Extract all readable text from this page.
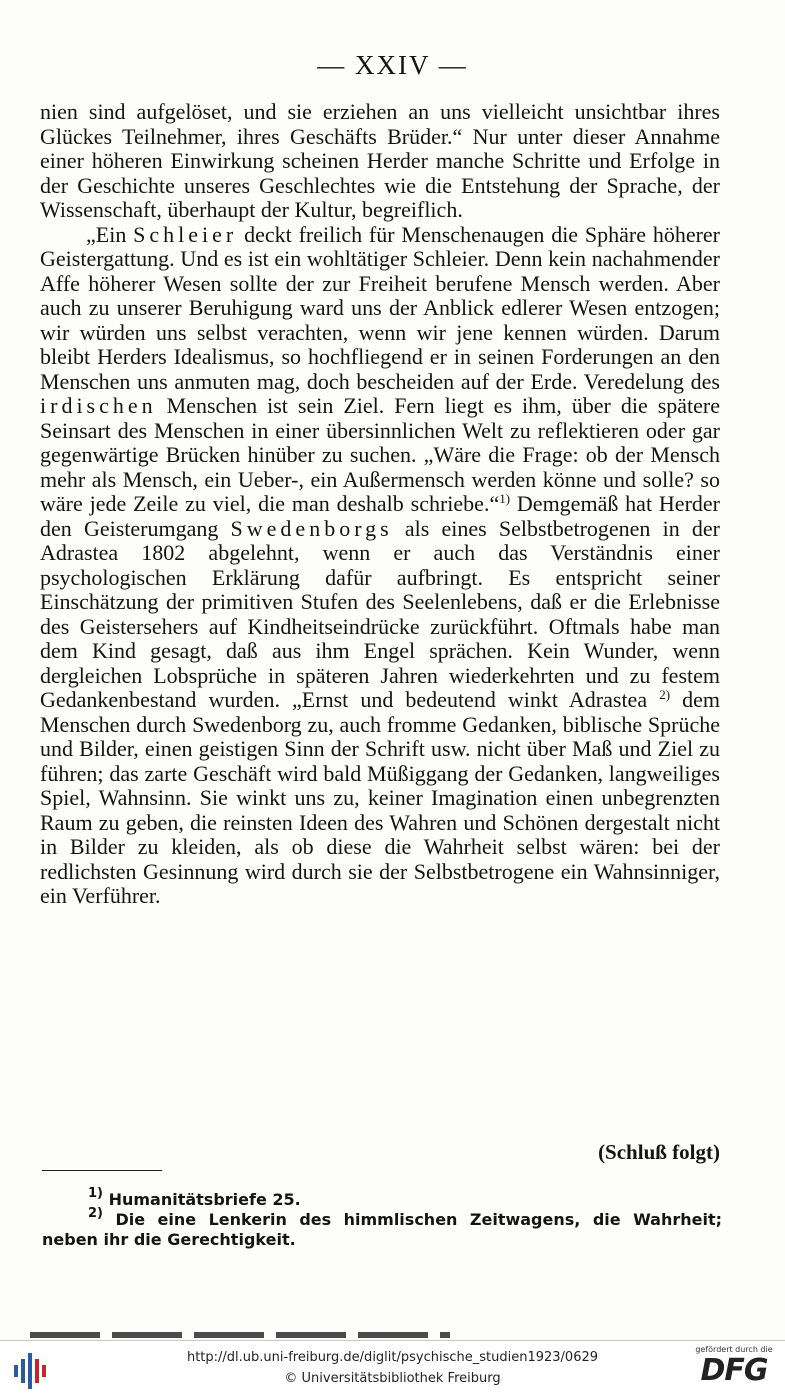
— XXIV —

nien sind aufgelöset, und sie erziehen an uns vielleicht unsichtbar ihres Glückes Teilnehmer, ihres Geschäfts Brüder.“ Nur unter dieser Annahme einer höheren Einwirkung scheinen Herder manche Schritte und Erfolge in der Geschichte unseres Geschlechtes wie die Entstehung der Sprache, der Wissenschaft, überhaupt der Kultur, begreiflich.

„Ein Schleier deckt freilich für Menschenaugen die Sphäre höherer Geistergattung. Und es ist ein wohltätiger Schleier. Denn kein nachahmender Affe höherer Wesen sollte der zur Freiheit berufene Mensch werden. Aber auch zu unserer Beruhigung ward uns der Anblick edlerer Wesen entzogen; wir würden uns selbst verachten, wenn wir jene kennen würden. Darum bleibt Herders Idealismus, so hochfliegend er in seinen Forderungen an den Menschen uns anmuten mag, doch bescheiden auf der Erde. Veredelung des irdischen Menschen ist sein Ziel. Fern liegt es ihm, über die spätere Seinsart des Menschen in einer übersinnlichen Welt zu reflektieren oder gar gegenwärtige Brücken hinüber zu suchen. „Wäre die Frage: ob der Mensch mehr als Mensch, ein Ueber-, ein Außermensch werden könne und solle? so wäre jede Zeile zu viel, die man deshalb schriebe.“$^{1)}$ Demgemäß hat Herder den Geisterumgang Swedenborgs als eines Selbstbetrogenen in der Adrastea 1802 abgelehnt, wenn er auch das Verständnis einer psychologischen Erklärung dafür aufbringt. Es entspricht seiner Einschätzung der primitiven Stufen des Seelenlebens, daß er die Erlebnisse des Geistersehers auf Kindheitseindrücke zurückführt. Oftmals habe man dem Kind gesagt, daß aus ihm Engel sprächen. Kein Wunder, wenn dergleichen Lobsprüche in späteren Jahren wiederkehrten und zu festem Gedankenbestand wurden. „Ernst und bedeutend winkt Adrastea $^{2)}$ dem Menschen durch Swedenborg zu, auch fromme Gedanken, biblische Sprüche und Bilder, einen geistigen Sinn der Schrift usw. nicht über Maß und Ziel zu führen; das zarte Geschäft wird bald Müßiggang der Gedanken, langweiliges Spiel, Wahnsinn. Sie winkt uns zu, keiner Imagination einen unbegrenzten Raum zu geben, die reinsten Ideen des Wahren und Schönen dergestalt nicht in Bilder zu kleiden, als ob diese die Wahrheit selbst wären: bei der redlichsten Gesinnung wird durch sie der Selbstbetrogene ein Wahnsinniger, ein Verführer.

(Schluß folgt)

$^{1)}$ Humanitätsbriefe 25.

$^{2)}$ Die eine Lenkerin des himmlischen Zeitwagens, die Wahrheit; neben ihr die Gerechtigkeit.

http://dl.ub.uni-freiburg.de/diglit/psychische_studien1923/0629
© Universitätsbibliothek Freiburg
gefördert durch die
DFG
